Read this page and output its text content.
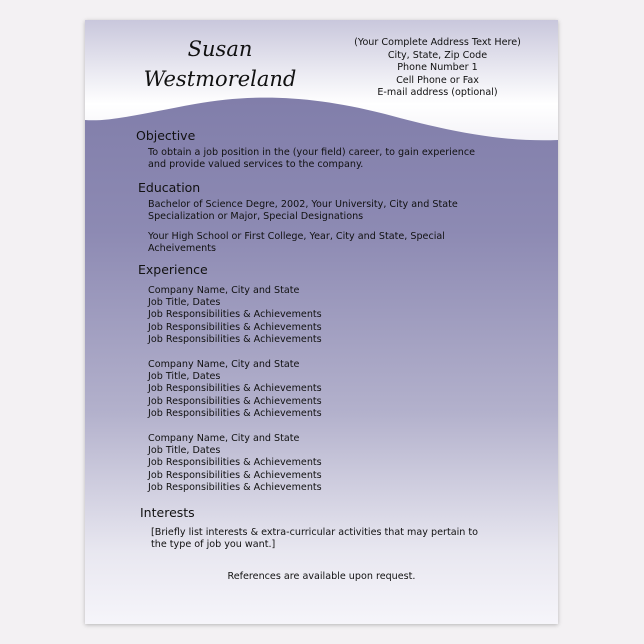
Susan
Westmoreland
(Your Complete Address Text Here)
City, State, Zip Code
Phone Number 1
Cell Phone or Fax
E-mail address (optional)
Objective
To obtain a job position in the (your field) career, to gain experience
and provide valued services to the company.
Education
Bachelor of Science Degre, 2002, Your University, City and State
Specialization or Major, Special Designations
Your High School or First College, Year, City and State, Special
Acheivements
Experience
Company Name, City and State
Job Title, Dates
Job Responsibilities & Achievements
Job Responsibilities & Achievements
Job Responsibilities & Achievements
Company Name, City and State
Job Title, Dates
Job Responsibilities & Achievements
Job Responsibilities & Achievements
Job Responsibilities & Achievements
Company Name, City and State
Job Title, Dates
Job Responsibilities & Achievements
Job Responsibilities & Achievements
Job Responsibilities & Achievements
Interests
[Briefly list interests & extra-curricular activities that may pertain to
the type of job you want.]
References are available upon request.
